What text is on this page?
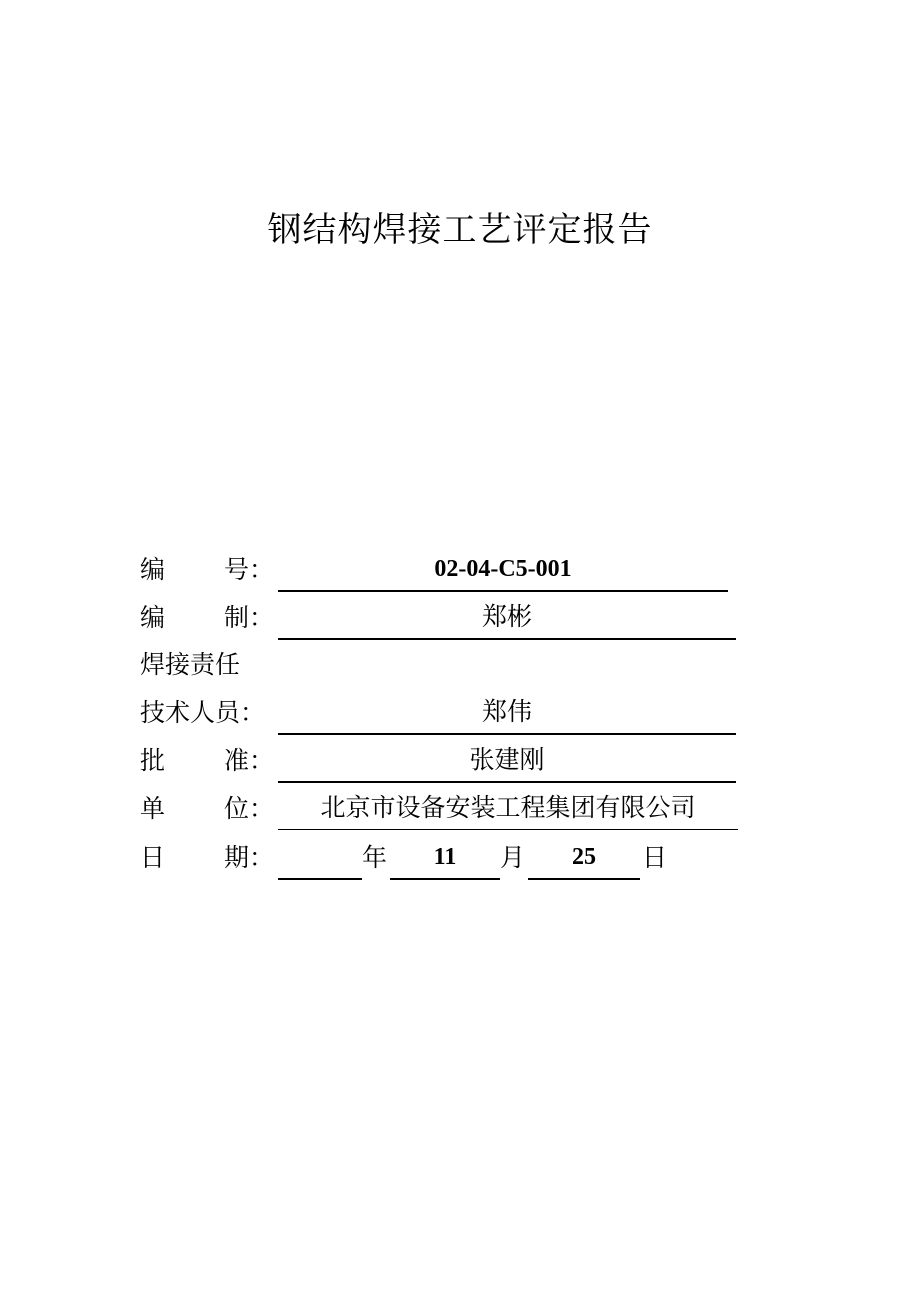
钢结构焊接工艺评定报告
编 号：	02-04-C5-001
编 制：	郑彬
焊接责任
技术人员：	郑伟
批 准：	张建刚
单 位：	北京市设备安装工程集团有限公司
日 期：	年	11	月	25	日
